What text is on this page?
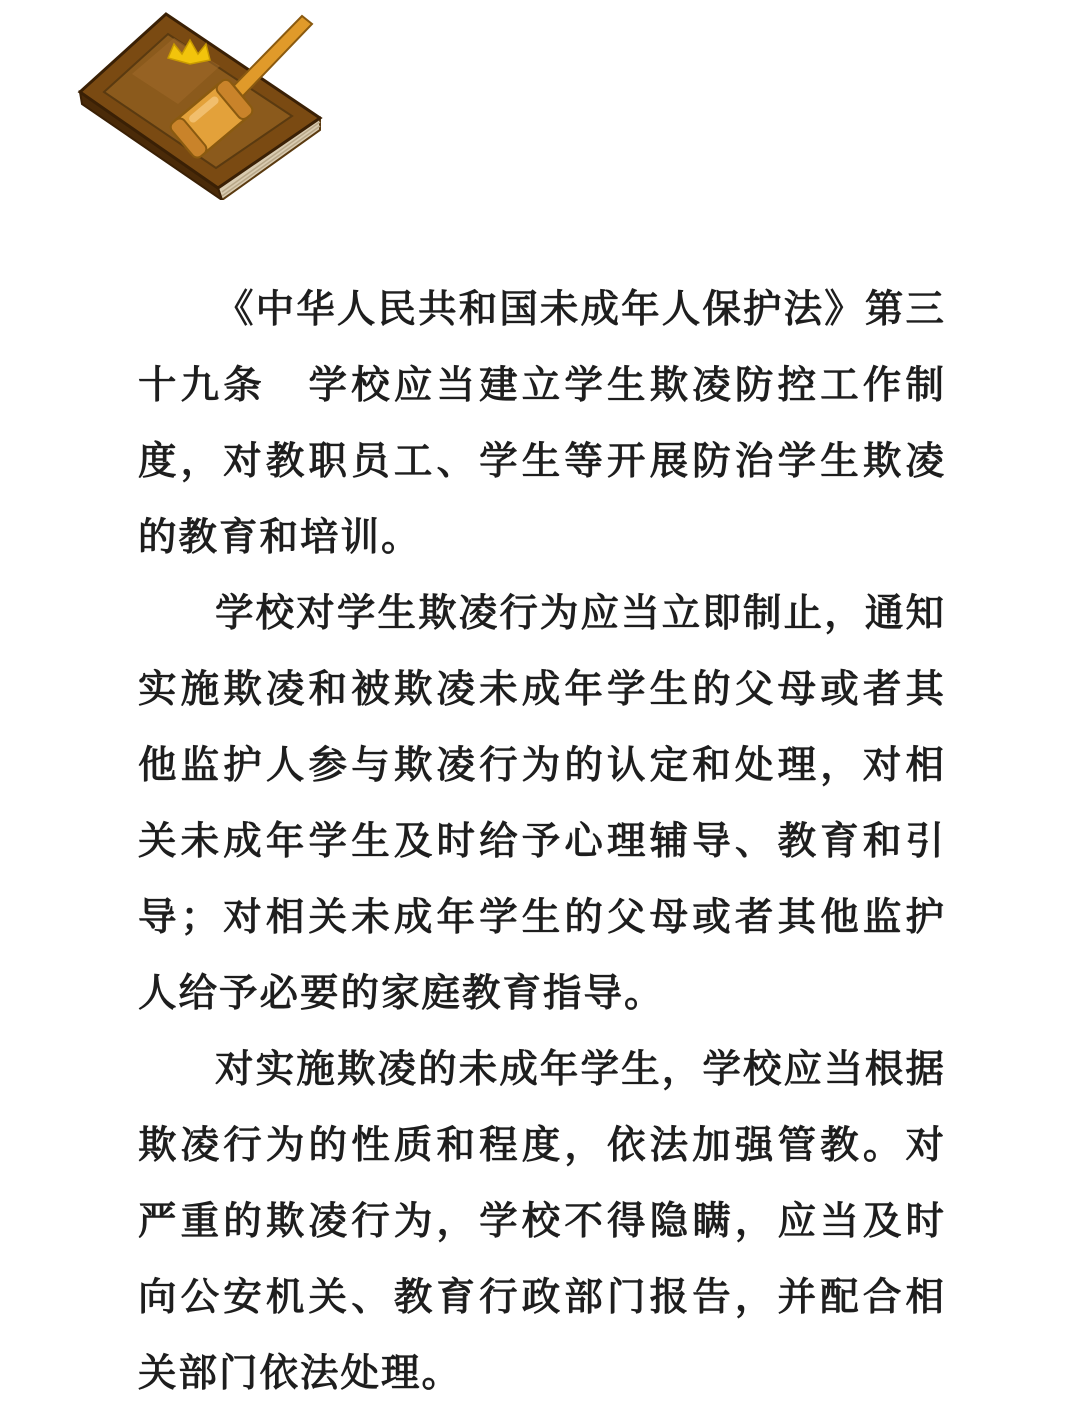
《中华人民共和国未成年人保护法》第三十九条　学校应当建立学生欺凌防控工作制度，对教职员工、学生等开展防治学生欺凌的教育和培训。

学校对学生欺凌行为应当立即制止，通知实施欺凌和被欺凌未成年学生的父母或者其他监护人参与欺凌行为的认定和处理，对相关未成年学生及时给予心理辅导、教育和引导；对相关未成年学生的父母或者其他监护人给予必要的家庭教育指导。

对实施欺凌的未成年学生，学校应当根据欺凌行为的性质和程度，依法加强管教。对严重的欺凌行为，学校不得隐瞒，应当及时向公安机关、教育行政部门报告，并配合相关部门依法处理。
